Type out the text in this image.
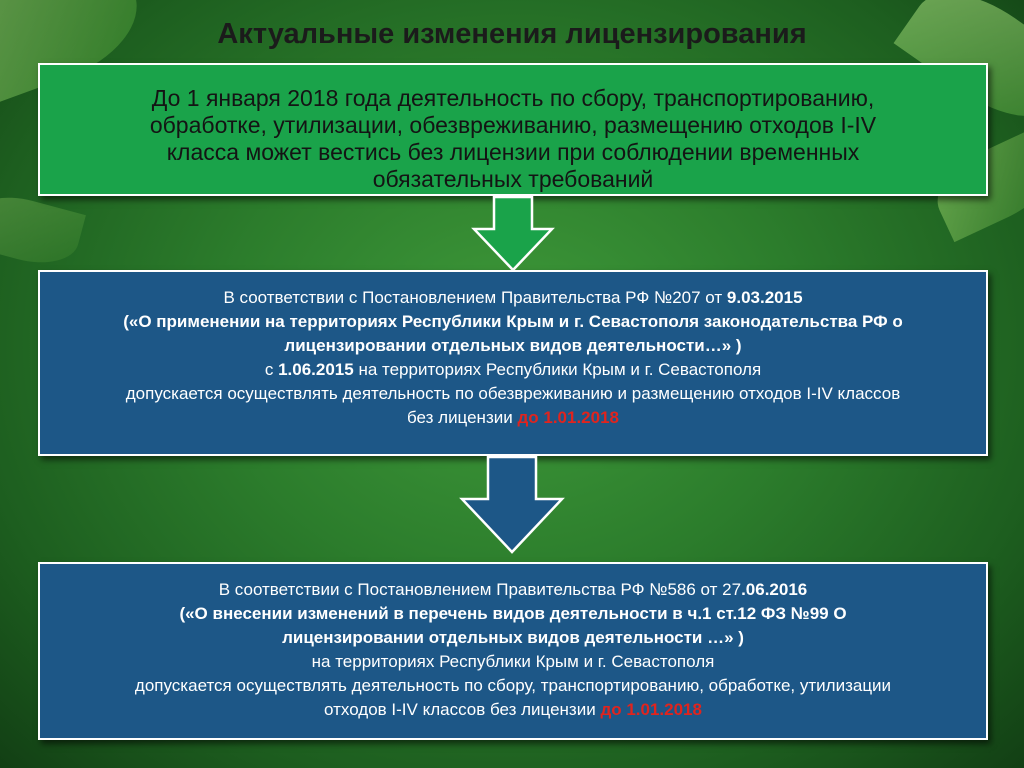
Актуальные изменения лицензирования
До 1 января 2018 года деятельность по сбору, транспортированию,
обработке, утилизации, обезвреживанию, размещению отходов I-IV
класса может вестись без лицензии при соблюдении временных
обязательных требований
В соответствии с Постановлением Правительства РФ №207 от 9.03.2015
(«О применении на территориях Республики Крым и г. Севастополя законодательства РФ о
лицензировании отдельных видов деятельности…» )
с 1.06.2015 на территориях Республики Крым и г. Севастополя
допускается осуществлять деятельность по обезвреживанию и размещению отходов I-IV классов
без лицензии до 1.01.2018
В соответствии с Постановлением Правительства РФ №586 от 27.06.2016
(«О внесении изменений в перечень видов деятельности в ч.1 ст.12 ФЗ №99 О
лицензировании отдельных видов деятельности …» )
на территориях Республики Крым и г. Севастополя
допускается осуществлять деятельность по сбору, транспортированию, обработке, утилизации
отходов I-IV классов без лицензии до 1.01.2018
